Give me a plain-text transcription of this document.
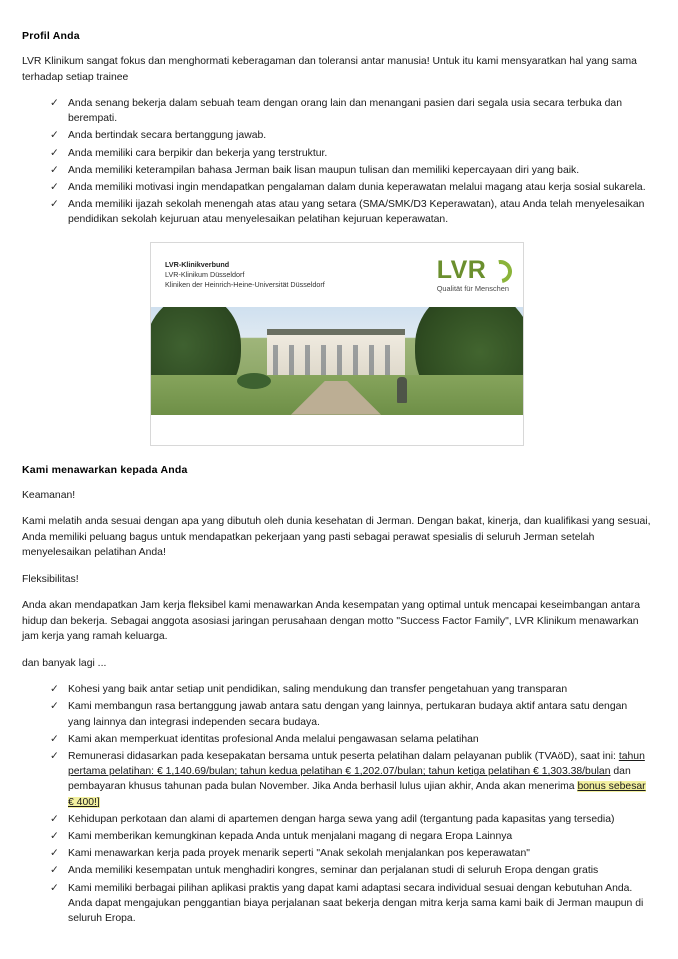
Profil Anda

LVR Klinikum sangat fokus dan menghormati keberagaman dan toleransi antar manusia! Untuk itu kami mensyaratkan hal yang sama terhadap setiap trainee

✓ Anda senang bekerja dalam sebuah team dengan orang lain dan menangani pasien dari segala usia secara terbuka dan berempati.
✓ Anda bertindak secara bertanggung jawab.
✓ Anda memiliki cara berpikir dan bekerja yang terstruktur.
✓ Anda memiliki keterampilan bahasa Jerman baik lisan maupun tulisan dan memiliki kepercayaan diri yang baik.
✓ Anda memiliki motivasi ingin mendapatkan pengalaman dalam dunia keperawatan melalui magang atau kerja sosial sukarela.
✓ Anda memiliki ijazah sekolah menengah atas atau yang setara (SMA/SMK/D3 Keperawatan), atau Anda telah menyelesaikan pendidikan sekolah kejuruan atau menyelesaikan pelatihan kejuruan keperawatan.
LVR-Klinikverbund
LVR-Klinikum Düsseldorf
Kliniken der Heinrich-Heine-Universität Düsseldorf
LVR
Qualität für Menschen
Kami menawarkan kepada Anda

Keamanan!

Kami melatih anda sesuai dengan apa yang dibutuh oleh dunia kesehatan di Jerman. Dengan bakat, kinerja, dan kualifikasi yang sesuai, Anda memiliki peluang bagus untuk mendapatkan pekerjaan yang pasti sebagai perawat spesialis di seluruh Jerman setelah menyelesaikan pelatihan Anda!

Fleksibilitas!

Anda akan mendapatkan Jam kerja fleksibel kami menawarkan Anda kesempatan yang optimal untuk mencapai keseimbangan antara hidup dan bekerja. Sebagai anggota asosiasi jaringan perusahaan dengan motto "Success Factor Family", LVR Klinikum menawarkan jam kerja yang ramah keluarga.

dan banyak lagi ...

✓ Kohesi yang baik antar setiap unit pendidikan, saling mendukung dan transfer pengetahuan yang transparan
✓ Kami membangun rasa bertanggung jawab antara satu dengan yang lainnya, pertukaran budaya aktif antara satu dengan yang lainnya dan integrasi independen secara budaya.
✓ Kami akan memperkuat identitas profesional Anda melalui pengawasan selama pelatihan
✓ Remunerasi didasarkan pada kesepakatan bersama untuk peserta pelatihan dalam pelayanan publik (TVAöD), saat ini: tahun pertama pelatihan: € 1,140.69/bulan; tahun kedua pelatihan € 1,202.07/bulan; tahun ketiga pelatihan € 1,303.38/bulan dan pembayaran khusus tahunan pada bulan November. Jika Anda berhasil lulus ujian akhir, Anda akan menerima bonus sebesar € 400!]
✓ Kehidupan perkotaan dan alami di apartemen dengan harga sewa yang adil (tergantung pada kapasitas yang tersedia)
✓ Kami memberikan kemungkinan kepada Anda untuk menjalani magang di negara Eropa Lainnya
✓ Kami menawarkan kerja pada proyek menarik seperti "Anak sekolah menjalankan pos keperawatan"
✓ Anda memiliki kesempatan untuk menghadiri kongres, seminar dan perjalanan studi di seluruh Eropa dengan gratis
✓ Kami memiliki berbagai pilihan aplikasi praktis yang dapat kami adaptasi secara individual sesuai dengan kebutuhan Anda. Anda dapat mengajukan penggantian biaya perjalanan saat bekerja dengan mitra kerja sama kami baik di Jerman maupun di seluruh Eropa.
